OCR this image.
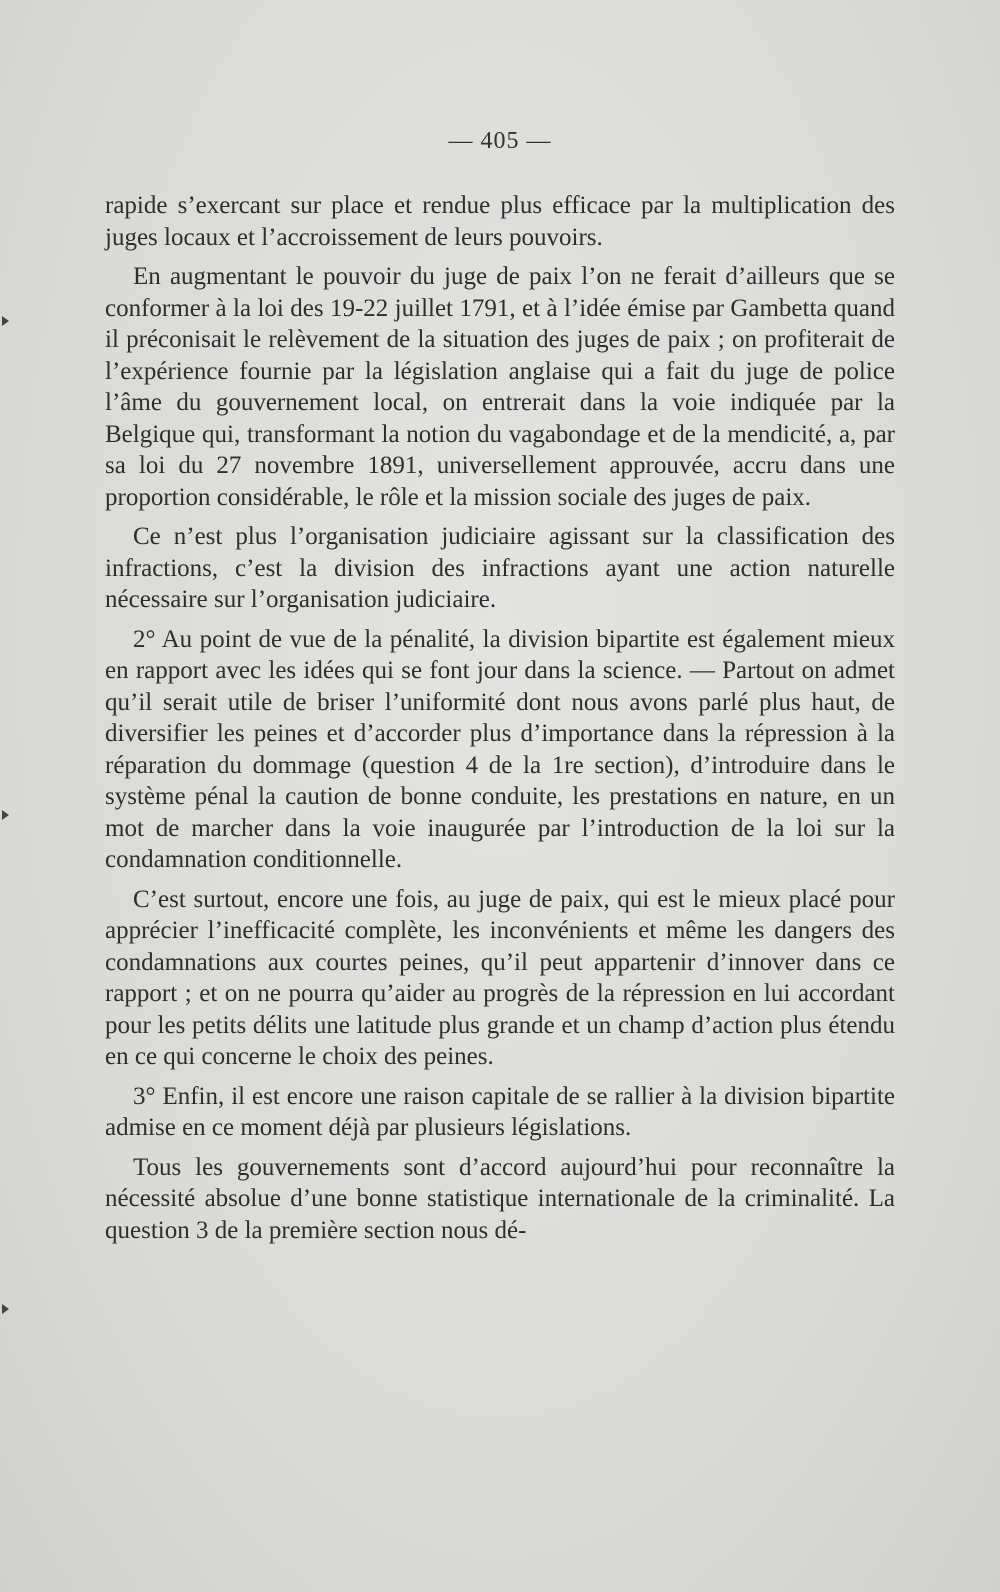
— 405 —

rapide s’exercant sur place et rendue plus efficace par la multiplication des juges locaux et l’accroissement de leurs pouvoirs.

En augmentant le pouvoir du juge de paix l’on ne ferait d’ailleurs que se conformer à la loi des 19-22 juillet 1791, et à l’idée émise par Gambetta quand il préconisait le relèvement de la situation des juges de paix ; on profiterait de l’expérience fournie par la législation anglaise qui a fait du juge de police l’âme du gouvernement local, on entrerait dans la voie indiquée par la Belgique qui, transformant la notion du vagabondage et de la mendicité, a, par sa loi du 27 novembre 1891, universellement approuvée, accru dans une proportion considérable, le rôle et la mission sociale des juges de paix.

Ce n’est plus l’organisation judiciaire agissant sur la classification des infractions, c’est la division des infractions ayant une action naturelle nécessaire sur l’organisation judiciaire.

2° Au point de vue de la pénalité, la division bipartite est également mieux en rapport avec les idées qui se font jour dans la science. — Partout on admet qu’il serait utile de briser l’uniformité dont nous avons parlé plus haut, de diversifier les peines et d’accorder plus d’importance dans la répression à la réparation du dommage (question 4 de la 1re section), d’introduire dans le système pénal la caution de bonne conduite, les prestations en nature, en un mot de marcher dans la voie inaugurée par l’introduction de la loi sur la condamnation conditionnelle.

C’est surtout, encore une fois, au juge de paix, qui est le mieux placé pour apprécier l’inefficacité complète, les inconvénients et même les dangers des condamnations aux courtes peines, qu’il peut appartenir d’innover dans ce rapport ; et on ne pourra qu’aider au progrès de la répression en lui accordant pour les petits délits une latitude plus grande et un champ d’action plus étendu en ce qui concerne le choix des peines.

3° Enfin, il est encore une raison capitale de se rallier à la division bipartite admise en ce moment déjà par plusieurs législations.

Tous les gouvernements sont d’accord aujourd’hui pour reconnaître la nécessité absolue d’une bonne statistique internationale de la criminalité. La question 3 de la première section nous dé-
